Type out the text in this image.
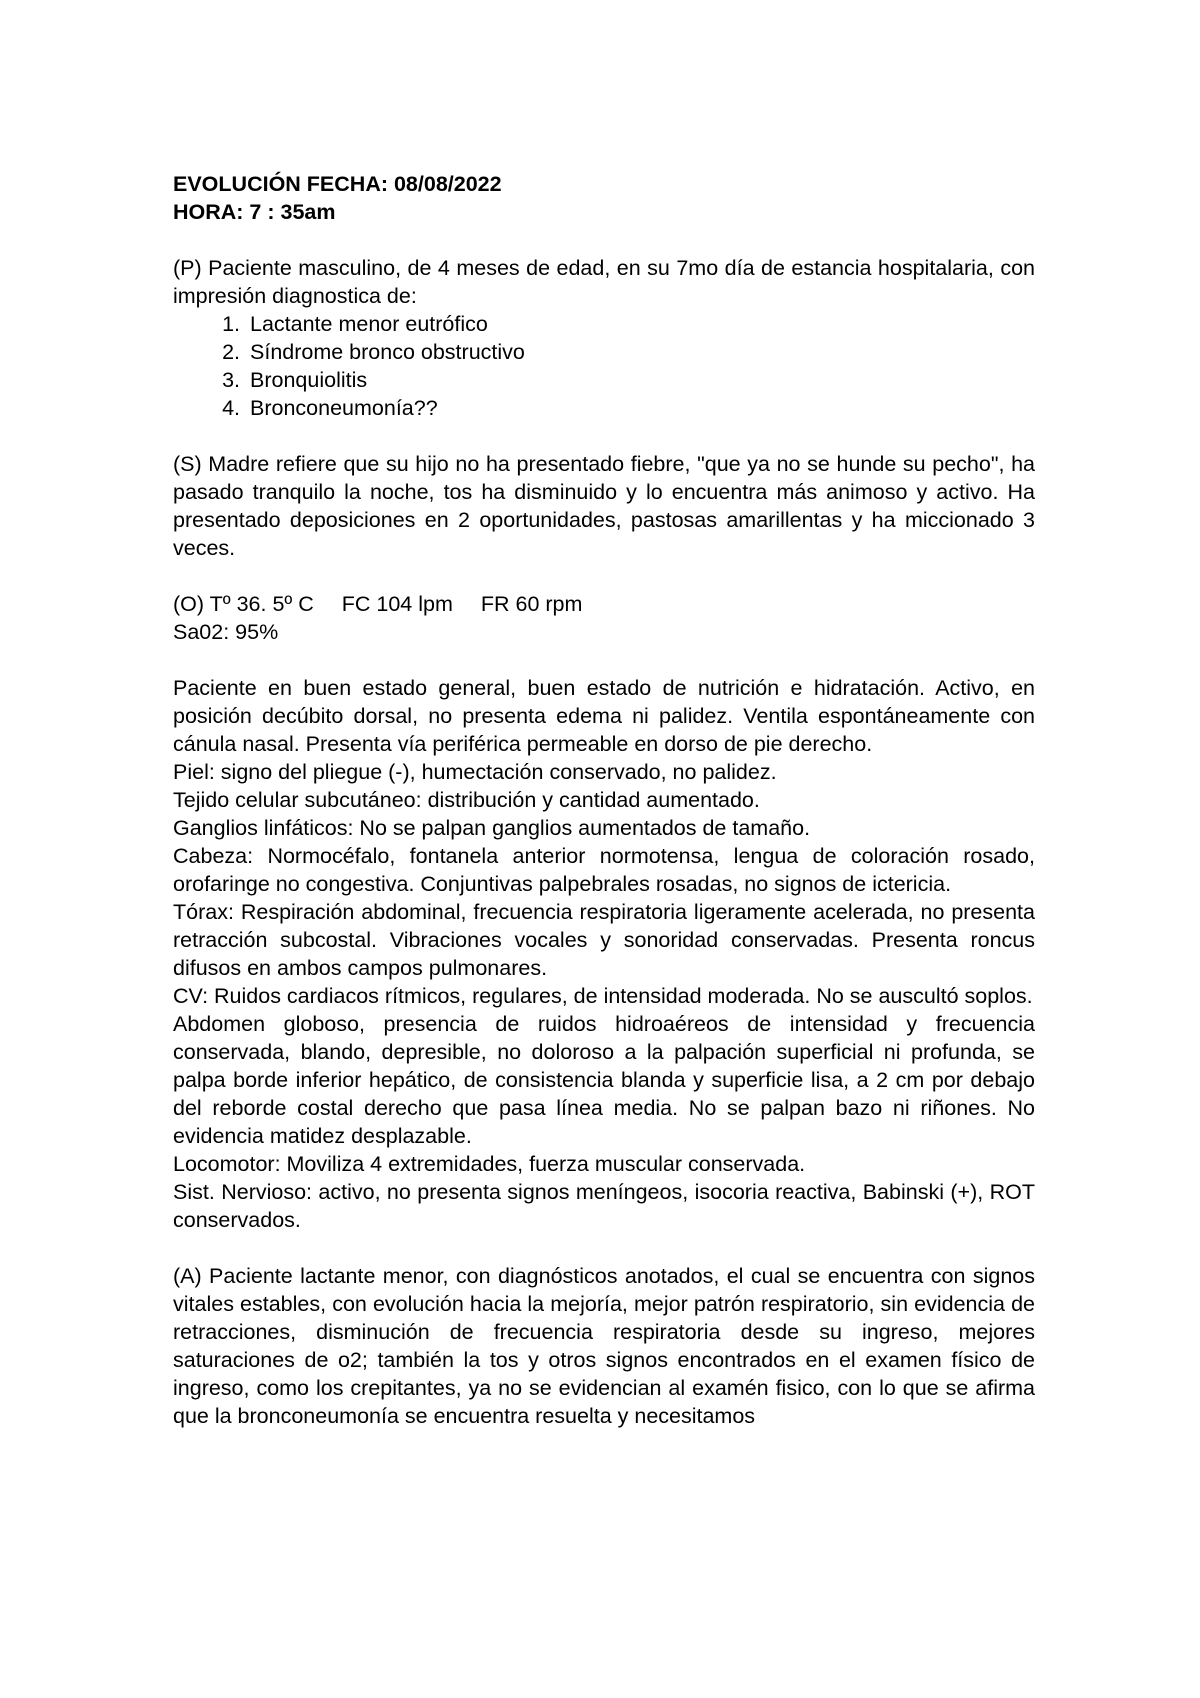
EVOLUCIÓN FECHA: 08/08/2022

HORA: 7 : 35am

(P) Paciente masculino, de 4 meses de edad, en su 7mo día de estancia hospitalaria, con impresión diagnostica de:

1. Lactante menor eutrófico
2. Síndrome bronco obstructivo
3. Bronquiolitis
4. Bronconeumonía??

(S) Madre refiere que su hijo no ha presentado fiebre, "que ya no se hunde su pecho", ha pasado tranquilo la noche, tos ha disminuido y lo encuentra más animoso y activo. Ha presentado deposiciones en 2 oportunidades, pastosas amarillentas y ha miccionado 3 veces.

(O) Tº 36. 5º C FC 104 lpm FR 60 rpm

Sa02: 95%

Paciente en buen estado general, buen estado de nutrición e hidratación. Activo, en posición decúbito dorsal, no presenta edema ni palidez. Ventila espontáneamente con cánula nasal. Presenta vía periférica permeable en dorso de pie derecho.

Piel: signo del pliegue (-), humectación conservado, no palidez.

Tejido celular subcutáneo: distribución y cantidad aumentado.

Ganglios linfáticos: No se palpan ganglios aumentados de tamaño.

Cabeza: Normocéfalo, fontanela anterior normotensa, lengua de coloración rosado, orofaringe no congestiva. Conjuntivas palpebrales rosadas, no signos de ictericia.

Tórax: Respiración abdominal, frecuencia respiratoria ligeramente acelerada, no presenta retracción subcostal. Vibraciones vocales y sonoridad conservadas. Presenta roncus difusos en ambos campos pulmonares.

CV: Ruidos cardiacos rítmicos, regulares, de intensidad moderada. No se auscultó soplos.

Abdomen globoso, presencia de ruidos hidroaéreos de intensidad y frecuencia conservada, blando, depresible, no doloroso a la palpación superficial ni profunda, se palpa borde inferior hepático, de consistencia blanda y superficie lisa, a 2 cm por debajo del reborde costal derecho que pasa línea media. No se palpan bazo ni riñones. No evidencia matidez desplazable.

Locomotor: Moviliza 4 extremidades, fuerza muscular conservada.

Sist. Nervioso: activo, no presenta signos meníngeos, isocoria reactiva, Babinski (+), ROT conservados.

(A) Paciente lactante menor, con diagnósticos anotados, el cual se encuentra con signos vitales estables, con evolución hacia la mejoría, mejor patrón respiratorio, sin evidencia de retracciones, disminución de frecuencia respiratoria desde su ingreso, mejores saturaciones de o2; también la tos y otros signos encontrados en el examen físico de ingreso, como los crepitantes, ya no se evidencian al examén fisico, con lo que se afirma que la bronconeumonía se encuentra resuelta y necesitamos
